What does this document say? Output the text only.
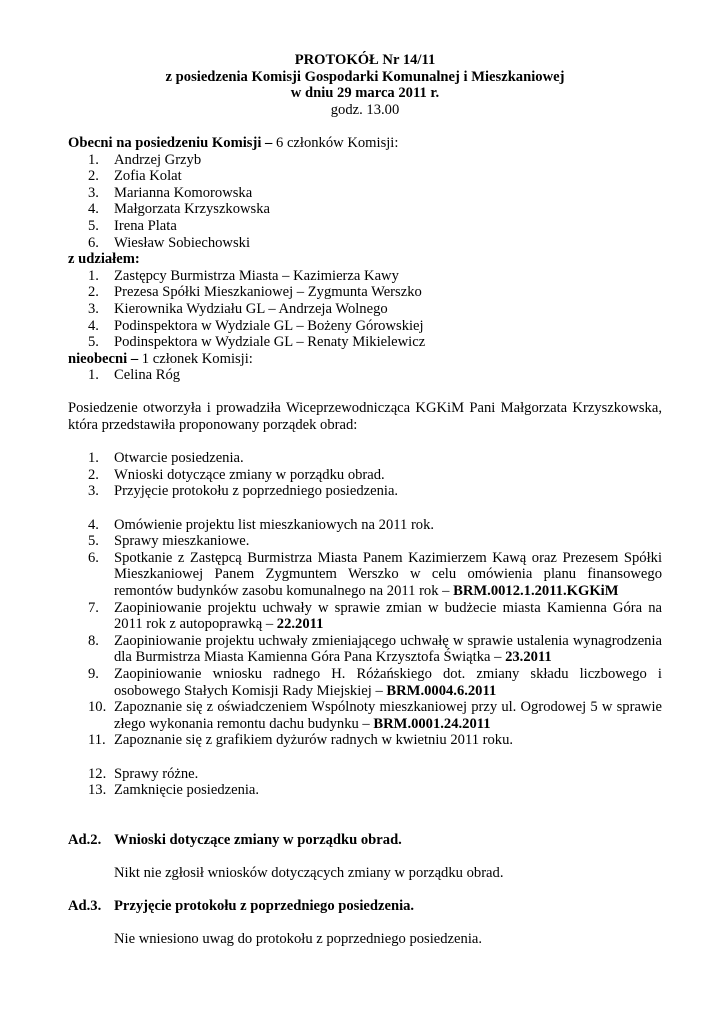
PROTOKÓŁ Nr 14/11
z posiedzenia Komisji Gospodarki Komunalnej i Mieszkaniowej
w dniu 29 marca 2011 r.
godz. 13.00
Obecni na posiedzeniu Komisji – 6 członków Komisji:
1.	Andrzej Grzyb
2.	Zofia Kolat
3.	Marianna Komorowska
4.	Małgorzata Krzyszkowska
5.	Irena Plata
6.	Wiesław Sobiechowski
z udziałem:
1.	Zastępcy Burmistrza Miasta – Kazimierza Kawy
2.	Prezesa Spółki Mieszkaniowej – Zygmunta Werszko
3.	Kierownika Wydziału GL – Andrzeja Wolnego
4.	Podinspektora w Wydziale GL – Bożeny Górowskiej
5.	Podinspektora w Wydziale GL – Renaty Mikielewicz
nieobecni – 1 członek Komisji:
1.	Celina Róg
Posiedzenie otworzyła i prowadziła Wiceprzewodnicząca KGKiM Pani Małgorzata Krzyszkowska, która przedstawiła proponowany porządek obrad:
1. Otwarcie posiedzenia.
2. Wnioski dotyczące zmiany w porządku obrad.
3. Przyjęcie protokołu z poprzedniego posiedzenia.
4. Omówienie projektu list mieszkaniowych na 2011 rok.
5. Sprawy mieszkaniowe.
6. Spotkanie z Zastępcą Burmistrza Miasta Panem Kazimierzem Kawą oraz Prezesem Spółki Mieszkaniowej Panem Zygmuntem Werszko w celu omówienia planu finansowego remontów budynków zasobu komunalnego na 2011 rok – BRM.0012.1.2011.KGKiM
7. Zaopiniowanie projektu uchwały w sprawie zmian w budżecie miasta Kamienna Góra na 2011 rok z autopoprawką – 22.2011
8. Zaopiniowanie projektu uchwały zmieniającego uchwałę w sprawie ustalenia wynagrodzenia dla Burmistrza Miasta Kamienna Góra Pana Krzysztofa Świątka – 23.2011
9. Zaopiniowanie wniosku radnego H. Różańskiego dot. zmiany składu liczbowego i osobowego Stałych Komisji Rady Miejskiej – BRM.0004.6.2011
10. Zapoznanie się z oświadczeniem Wspólnoty mieszkaniowej przy ul. Ogrodowej 5 w sprawie złego wykonania remontu dachu budynku – BRM.0001.24.2011
11. Zapoznanie się z grafikiem dyżurów radnych w kwietniu 2011 roku.
12. Sprawy różne.
13. Zamknięcie posiedzenia.
Ad.2. Wnioski dotyczące zmiany w porządku obrad.
Nikt nie zgłosił wniosków dotyczących zmiany w porządku obrad.
Ad.3. Przyjęcie protokołu z poprzedniego posiedzenia.
Nie wniesiono uwag do protokołu z poprzedniego posiedzenia.
